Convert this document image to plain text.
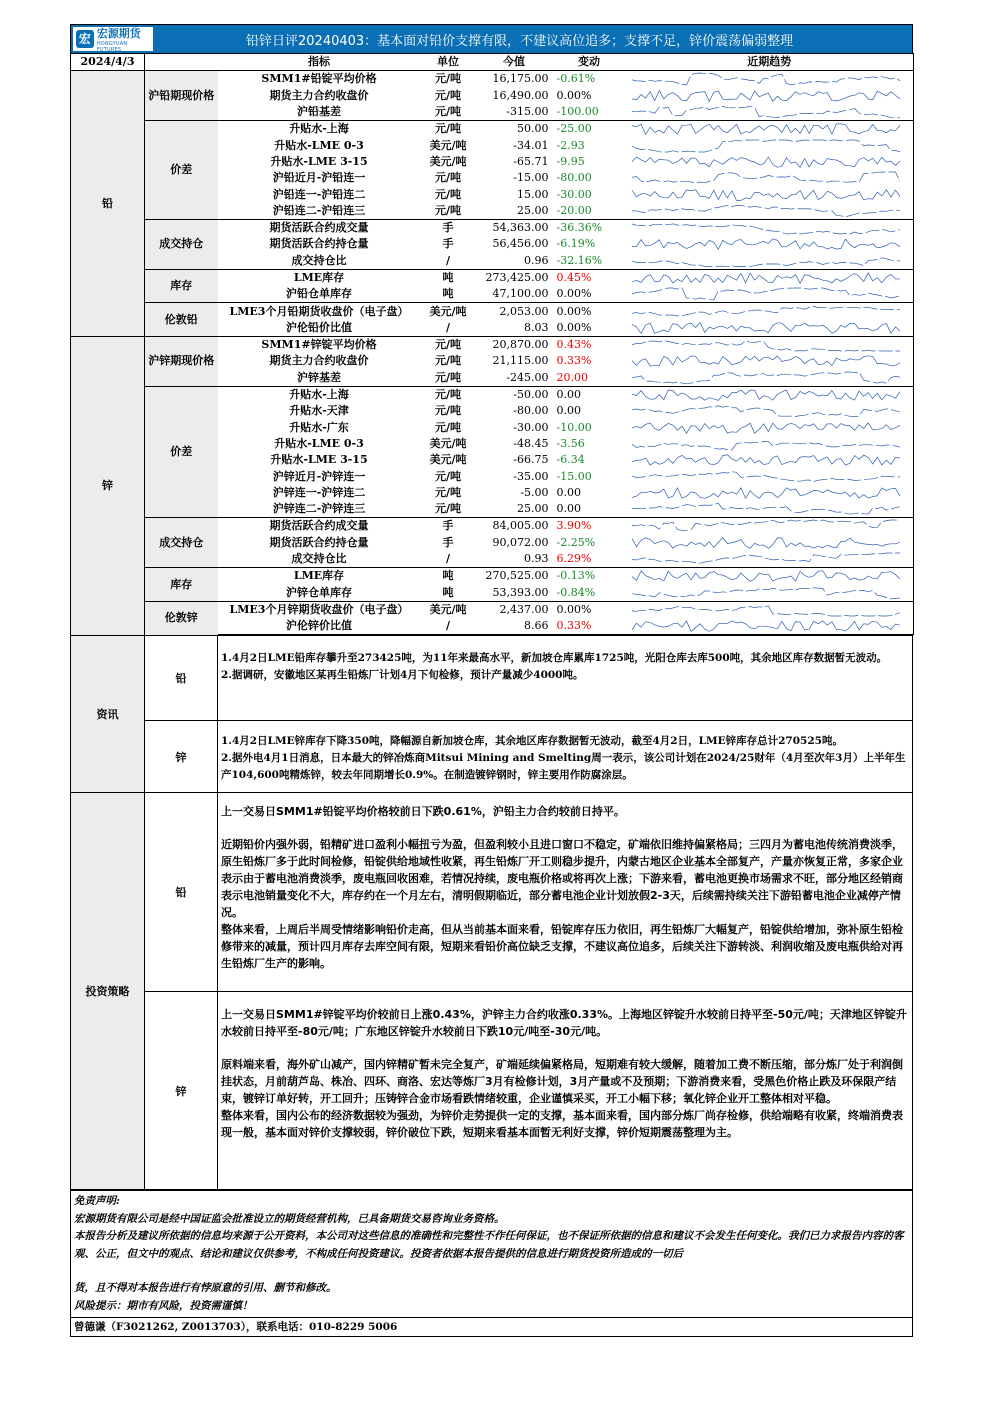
宏 宏源期货
HONGYUAN FUTURES
铅锌日评20240403：基本面对铅价支撑有限，不建议高位追多；支撑不足，锌价震荡偏弱整理
2024/4/3		指标	单位	今值	变动	近期趋势
铅	沪铅期现价格	SMM1#铅锭平均价格	元/吨	16,175.00	-0.61%	

		期货主力合约收盘价	元/吨	16,490.00	0.00%	

		沪铅基差	元/吨	-315.00	-100.00	

	价差	升贴水-上海	元/吨	50.00	-25.00	

		升贴水-LME 0-3	美元/吨	-34.01	-2.93	

		升贴水-LME 3-15	美元/吨	-65.71	-9.95	

		沪铅近月-沪铅连一	元/吨	-15.00	-80.00	

		沪铅连一-沪铅连二	元/吨	15.00	-30.00	

		沪铅连二-沪铅连三	元/吨	25.00	-20.00	

	成交持仓	期货活跃合约成交量	手	54,363.00	-36.36%	

		期货活跃合约持仓量	手	56,456.00	-6.19%	

		成交持仓比	/	0.96	-32.16%	

	库存	LME库存	吨	273,425.00	0.45%	

		沪铅仓单库存	吨	47,100.00	0.00%	

	伦敦铅	LME3个月铅期货收盘价（电子盘）	美元/吨	2,053.00	0.00%	

		沪伦铅价比值	/	8.03	0.00%	

锌	沪锌期现价格	SMM1#锌锭平均价格	元/吨	20,870.00	0.43%	

		期货主力合约收盘价	元/吨	21,115.00	0.33%	

		沪锌基差	元/吨	-245.00	20.00	

	价差	升贴水-上海	元/吨	-50.00	0.00	

		升贴水-天津	元/吨	-80.00	0.00	

		升贴水-广东	元/吨	-30.00	-10.00	

		升贴水-LME 0-3	美元/吨	-48.45	-3.56	

		升贴水-LME 3-15	美元/吨	-66.75	-6.34	

		沪锌近月-沪锌连一	元/吨	-35.00	-15.00	

		沪锌连一-沪锌连二	元/吨	-5.00	0.00	

		沪锌连二-沪锌连三	元/吨	25.00	0.00	

	成交持仓	期货活跃合约成交量	手	84,005.00	3.90%	

		期货活跃合约持仓量	手	90,072.00	-2.25%	

		成交持仓比	/	0.93	6.29%	

	库存	LME库存	吨	270,525.00	-0.13%	

		沪锌仓单库存	吨	53,393.00	-0.84%	

	伦敦锌	LME3个月锌期货收盘价（电子盘）	美元/吨	2,437.00	0.00%	

		沪伦锌价比值	/	8.66	0.33%	
资讯
铅

1.4月2日LME铅库存攀升至273425吨，为11年来最高水平，新加坡仓库累库1725吨，光阳仓库去库500吨，其余地区库存数据暂无波动。

2.据调研，安徽地区某再生铅炼厂计划4月下旬检修，预计产量减少4000吨。

锌

1.4月2日LME锌库存下降350吨，降幅源自新加坡仓库，其余地区库存数据暂无波动，截至4月2日，LME锌库存总计270525吨。

2.据外电4月1日消息，日本最大的锌冶炼商Mitsui Mining and Smelting周一表示，该公司计划在2024/25财年（4月至次年3月）上半年生产104,600吨精炼锌，较去年同期增长0.9%。在制造镀锌钢时，锌主要用作防腐涂层。

投资策略
铅

上一交易日SMM1#铅锭平均价格较前日下跌0.61%，沪铅主力合约较前日持平。

近期铅价内强外弱，铅精矿进口盈利小幅扭亏为盈，但盈利较小且进口窗口不稳定，矿端依旧维持偏紧格局；三四月为蓄电池传统消费淡季，原生铅炼厂多于此时间检修，铅锭供给地域性收紧，再生铅炼厂开工则稳步提升，内蒙古地区企业基本全部复产，产量亦恢复正常，多家企业表示由于蓄电池消费淡季，废电瓶回收困难，若情况持续，废电瓶价格或将再次上涨；下游来看，蓄电池更换市场需求不旺，部分地区经销商表示电池销量变化不大，库存约在一个月左右，清明假期临近，部分蓄电池企业计划放假2-3天，后续需持续关注下游铅蓄电池企业减停产情况。

整体来看，上周后半周受情绪影响铅价走高，但从当前基本面来看，铅锭库存压力依旧，再生铅炼厂大幅复产，铅锭供给增加，弥补原生铅检修带来的减量，预计四月库存去库空间有限，短期来看铅价高位缺乏支撑，不建议高位追多，后续关注下游转淡、利润收缩及废电瓶供给对再生铅炼厂生产的影响。

锌

上一交易日SMM1#锌锭平均价较前日上涨0.43%，沪锌主力合约收涨0.33%。上海地区锌锭升水较前日持平至-50元/吨；天津地区锌锭升水较前日持平至-80元/吨；广东地区锌锭升水较前日下跌10元/吨至-30元/吨。

原料端来看，海外矿山减产，国内锌精矿暂未完全复产，矿端延续偏紧格局，短期难有较大缓解，随着加工费不断压缩，部分炼厂处于利润倒挂状态，月前葫芦岛、株冶、四环、商洛、宏达等炼厂3月有检修计划，3月产量或不及预期；下游消费来看，受黑色价格止跌及环保限产结束，镀锌订单好转，开工回升；压铸锌合金市场看跌情绪较重，企业谨慎采买，开工小幅下移；氧化锌企业开工整体相对平稳。

整体来看，国内公布的经济数据较为强劲，为锌价走势提供一定的支撑，基本面来看，国内部分炼厂尚存检修，供给端略有收紧，终端消费表现一般，基本面对锌价支撑较弱，锌价破位下跌，短期来看基本面暂无利好支撑，锌价短期震荡整理为主。

免责声明:
宏源期货有限公司是经中国证监会批准设立的期货经营机构，已具备期货交易咨询业务资格。
本报告分析及建议所依据的信息均来源于公开资料，本公司对这些信息的准确性和完整性不作任何保证，也不保证所依据的信息和建议不会发生任何变化。我们已力求报告内容的客观、公正，但文中的观点、结论和建议仅供参考，不构成任何投资建议。投资者依据本报告提供的信息进行期货投资所造成的一切后
货，且不得对本报告进行有悖原意的引用、删节和修改。
风险提示：期市有风险，投资需谨慎！
曾德谦（F3021262, Z0013703），联系电话：010-8229 5006
